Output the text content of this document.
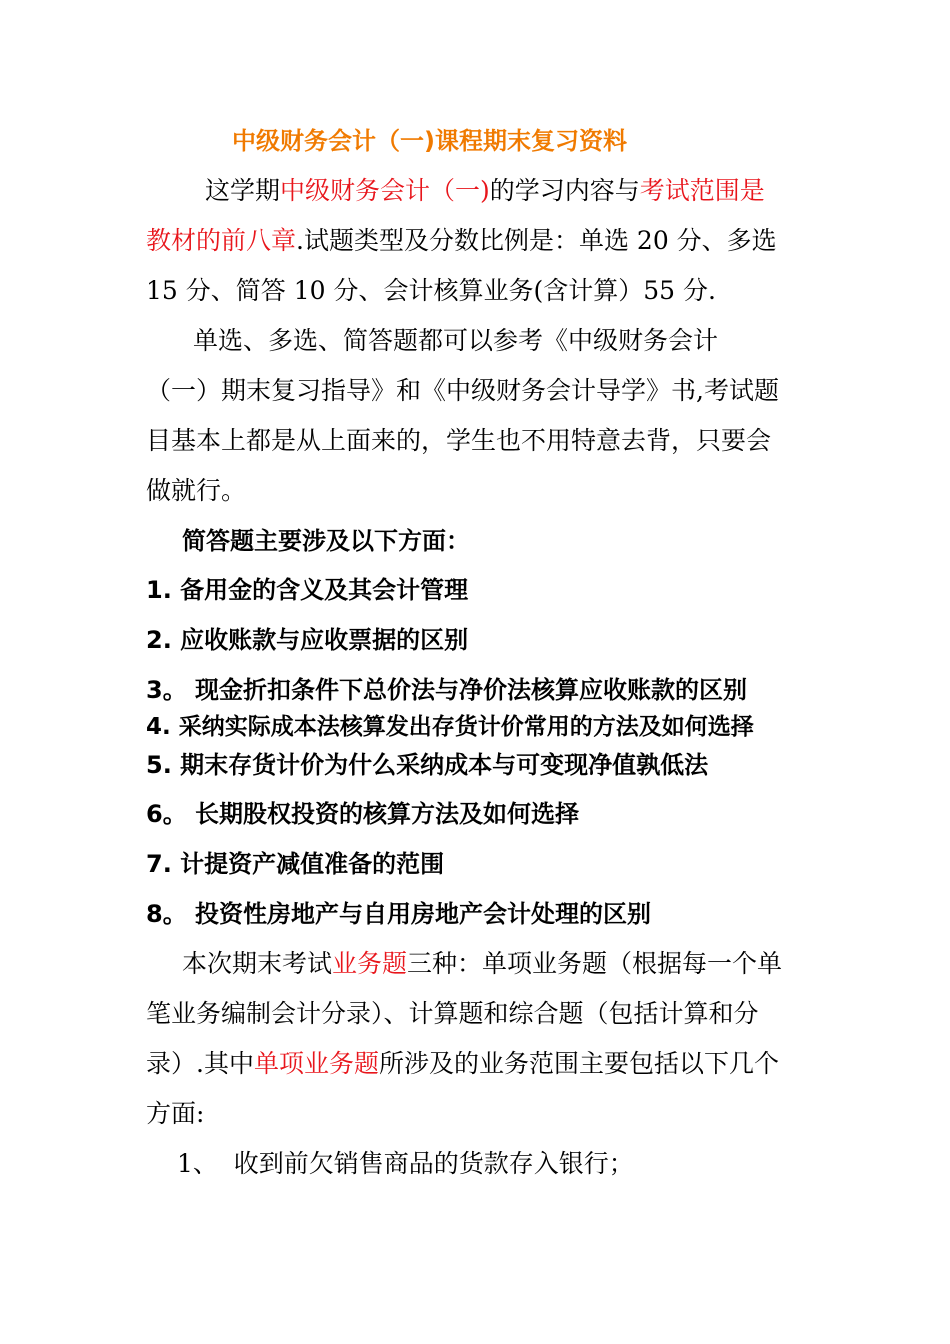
中级财务会计（一)课程期末复习资料
这学期中级财务会计（一)的学习内容与考试范围是
教材的前八章.试题类型及分数比例是：单选 20 分、多选
15 分、简答 10 分、会计核算业务(含计算）55 分.
单选、多选、简答题都可以参考《中级财务会计
（一）期末复习指导》和《中级财务会计导学》书,考试题
目基本上都是从上面来的，学生也不用特意去背，只要会
做就行。
简答题主要涉及以下方面：
1. 备用金的含义及其会计管理
2. 应收账款与应收票据的区别
3。 现金折扣条件下总价法与净价法核算应收账款的区别
4. 采纳实际成本法核算发出存货计价常用的方法及如何选择
5. 期末存货计价为什么采纳成本与可变现净值孰低法
6。 长期股权投资的核算方法及如何选择
7. 计提资产减值准备的范围
8。 投资性房地产与自用房地产会计处理的区别
本次期末考试业务题三种：单项业务题（根据每一个单
笔业务编制会计分录）、计算题和综合题（包括计算和分
录）.其中单项业务题所涉及的业务范围主要包括以下几个
方面:
1、  收到前欠销售商品的货款存入银行；
